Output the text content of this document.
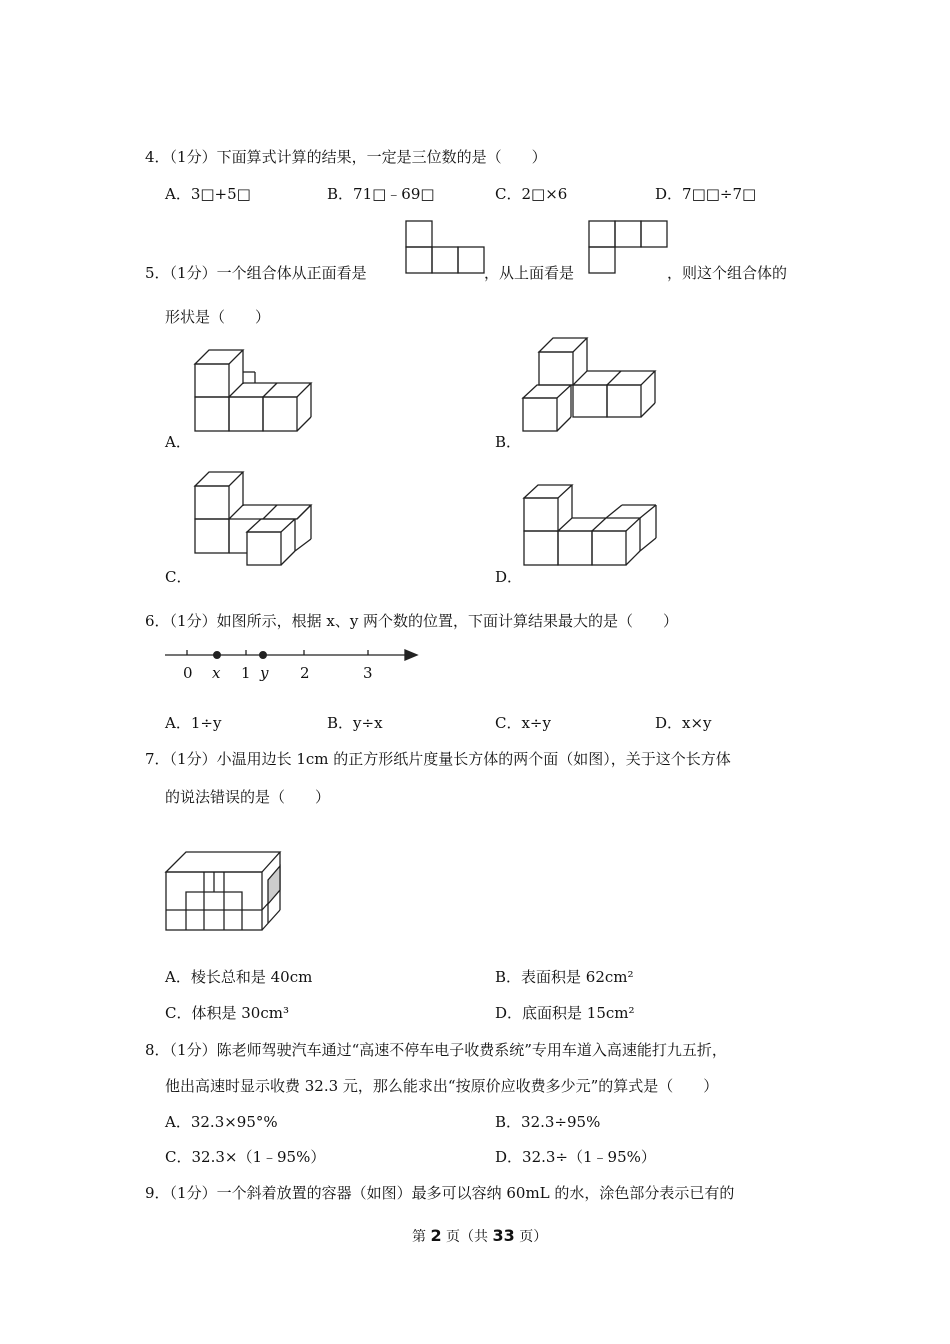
4．（1分）下面算式计算的结果，一定是三位数的是（　　）
A．3□+5□	B．71□﹣69□	C．2□×6	D．7□□÷7□
5．（1分）一个组合体从正面看是	，从上面看是	，则这个组合体的
形状是（　　）
A．	B．
C．	D．
6．（1分）如图所示，根据 x、y 两个数的位置，下面计算结果最大的是（　　）
0 x 1 y 2	3
A．1÷y	B．y÷x	C．x÷y	D．x×y
7．（1分）小温用边长 1cm 的正方形纸片度量长方体的两个面（如图），关于这个长方体
的说法错误的是（　　）
A．棱长总和是 40cm	B．表面积是 62cm²
C．体积是 30cm³	D．底面积是 15cm²
8．（1分）陈老师驾驶汽车通过“高速不停车电子收费系统”专用车道入高速能打九五折，
他出高速时显示收费 32.3 元，那么能求出“按原价应收费多少元”的算式是（　　）
A．32.3×95°%	B．32.3÷95%
C．32.3×（1﹣95%）	D．32.3÷（1﹣95%）
9．（1分）一个斜着放置的容器（如图）最多可以容纳 60mL 的水，涂色部分表示已有的
第 2 页（共 33 页）
